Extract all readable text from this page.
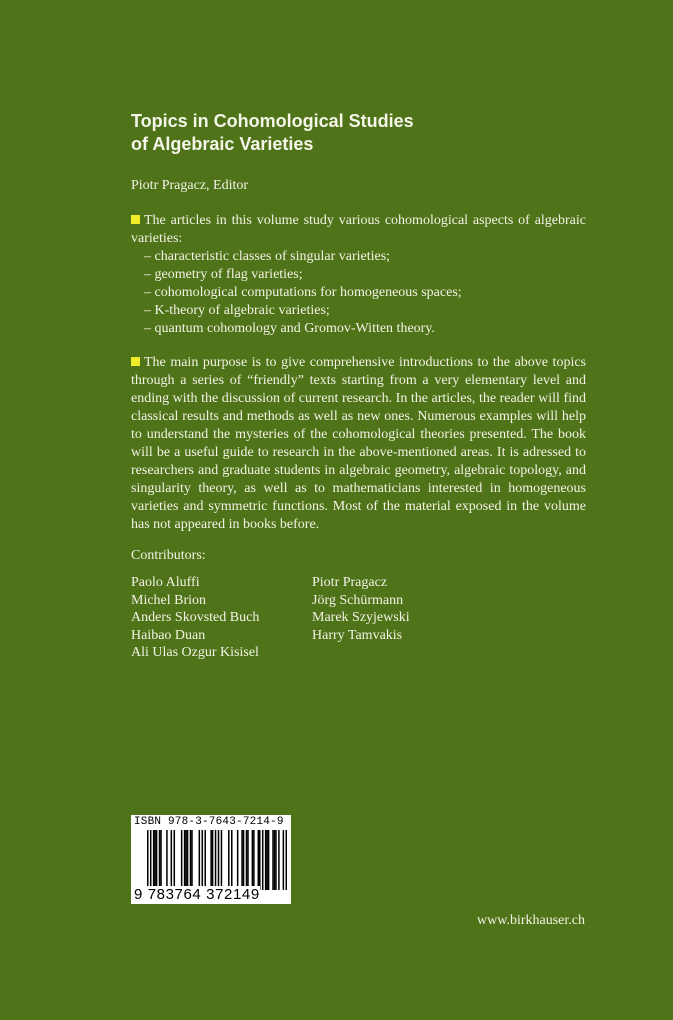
Topics in Cohomological Studies
of Algebraic Varieties
Piotr Pragacz, Editor
The articles in this volume study various cohomological aspects of algebraic varieties:
– characteristic classes of singular varieties;
– geometry of flag varieties;
– cohomological computations for homogeneous spaces;
– K-theory of algebraic varieties;
– quantum cohomology and Gromov-Witten theory.
The main purpose is to give comprehensive introductions to the above topics through a series of “friendly” texts starting from a very elementary level and ending with the discussion of current research. In the articles, the reader will find classical results and methods as well as new ones. Numerous examples will help to understand the mysteries of the cohomological theories presented. The book will be a useful guide to research in the above-mentioned areas. It is adressed to researchers and graduate students in algebraic geometry, algebraic topology, and singularity theory, as well as to mathematicians interested in homogeneous varieties and symmetric functions. Most of the material exposed in the volume has not appeared in books before.
Contributors:
Paolo Aluffi
Michel Brion
Anders Skovsted Buch
Haibao Duan
Ali Ulas Ozgur Kisisel
Piotr Pragacz
Jörg Schürmann
Marek Szyjewski
Harry Tamvakis
ISBN 978-3-7643-7214-9
9 783764 372149
www.birkhauser.ch
